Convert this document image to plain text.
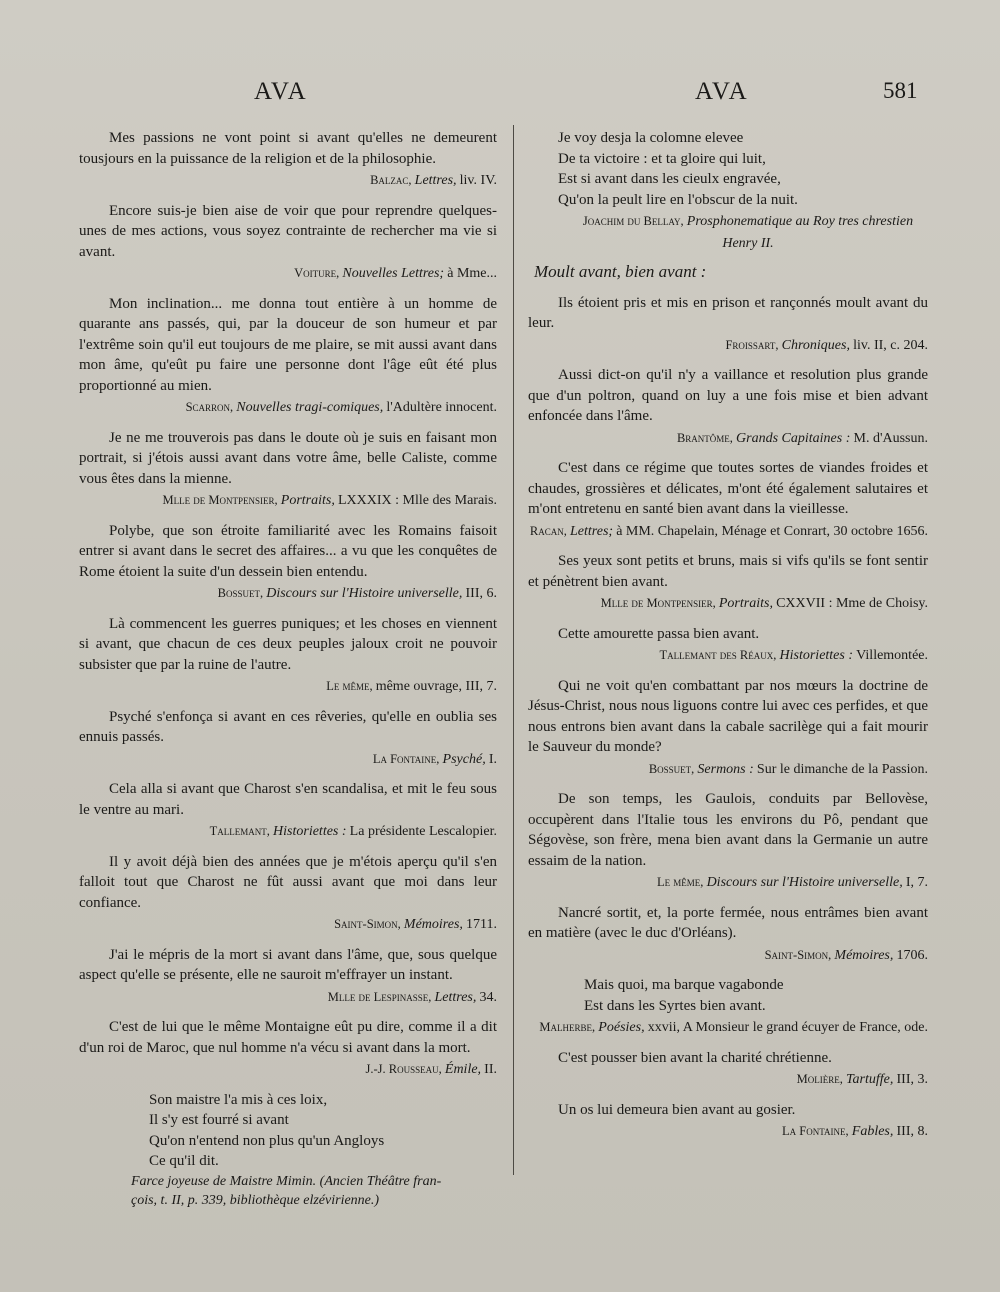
AVA	AVA	581
Mes passions ne vont point si avant qu'elles ne demeurent tousjours en la puissance de la religion et de la philosophie.
Balzac, Lettres, liv. IV.
Encore suis-je bien aise de voir que pour reprendre quelques-unes de mes actions, vous soyez contrainte de rechercher ma vie si avant.
Voiture, Nouvelles Lettres; à Mme...
Mon inclination... me donna tout entière à un homme de quarante ans passés, qui, par la douceur de son humeur et par l'extrême soin qu'il eut toujours de me plaire, se mit aussi avant dans mon âme, qu'eût pu faire une personne dont l'âge eût été plus proportionné au mien.
Scarron, Nouvelles tragi-comiques, l'Adultère innocent.
Je ne me trouverois pas dans le doute où je suis en faisant mon portrait, si j'étois aussi avant dans votre âme, belle Caliste, comme vous êtes dans la mienne.
Mlle de Montpensier, Portraits, LXXXIX : Mlle des Marais.
Polybe, que son étroite familiarité avec les Romains faisoit entrer si avant dans le secret des affaires... a vu que les conquêtes de Rome étoient la suite d'un dessein bien entendu.
Bossuet, Discours sur l'Histoire universelle, III, 6.
Là commencent les guerres puniques; et les choses en viennent si avant, que chacun de ces deux peuples jaloux croit ne pouvoir subsister que par la ruine de l'autre.
Le même, même ouvrage, III, 7.
Psyché s'enfonça si avant en ces rêveries, qu'elle en oublia ses ennuis passés.
La Fontaine, Psyché, I.
Cela alla si avant que Charost s'en scandalisa, et mit le feu sous le ventre au mari.
Tallemant, Historiettes : La présidente Lescalopier.
Il y avoit déjà bien des années que je m'étois aperçu qu'il s'en falloit tout que Charost ne fût aussi avant que moi dans leur confiance.
Saint-Simon, Mémoires, 1711.
J'ai le mépris de la mort si avant dans l'âme, que, sous quelque aspect qu'elle se présente, elle ne sauroit m'effrayer un instant.
Mlle de Lespinasse, Lettres, 34.
C'est de lui que le même Montaigne eût pu dire, comme il a dit d'un roi de Maroc, que nul homme n'a vécu si avant dans la mort.
J.-J. Rousseau, Émile, II.
Son maistre l'a mis à ces loix,
Il s'y est fourré si avant
Qu'on n'entend non plus qu'un Angloys
Ce qu'il dit.
Farce joyeuse de Maistre Mimin. (Ancien Théâtre fran-
çois, t. II, p. 339, bibliothèque elzévirienne.)
Je voy desja la colomne elevee
De ta victoire : et ta gloire qui luit,
Est si avant dans les cieulx engravée,
Qu'on la peult lire en l'obscur de la nuit.
Joachim du Bellay, Prosphonematique au Roy tres chrestien Henry II.
Moult avant, bien avant :
Ils étoient pris et mis en prison et rançonnés moult avant du leur.
Froissart, Chroniques, liv. II, c. 204.
Aussi dict-on qu'il n'y a vaillance et resolution plus grande que d'un poltron, quand on luy a une fois mise et bien advant enfoncée dans l'âme.
Brantôme, Grands Capitaines : M. d'Aussun.
C'est dans ce régime que toutes sortes de viandes froides et chaudes, grossières et délicates, m'ont été également salutaires et m'ont entretenu en santé bien avant dans la vieillesse.
Racan, Lettres; à MM. Chapelain, Ménage et Conrart, 30 octobre 1656.
Ses yeux sont petits et bruns, mais si vifs qu'ils se font sentir et pénètrent bien avant.
Mlle de Montpensier, Portraits, CXXVII : Mme de Choisy.
Cette amourette passa bien avant.
Tallemant des Réaux, Historiettes : Villemontée.
Qui ne voit qu'en combattant par nos mœurs la doctrine de Jésus-Christ, nous nous liguons contre lui avec ces perfides, et que nous entrons bien avant dans la cabale sacrilège qui a fait mourir le Sauveur du monde?
Bossuet, Sermons : Sur le dimanche de la Passion.
De son temps, les Gaulois, conduits par Bellovèse, occupèrent dans l'Italie tous les environs du Pô, pendant que Ségovèse, son frère, mena bien avant dans la Germanie un autre essaim de la nation.
Le même, Discours sur l'Histoire universelle, I, 7.
Nancré sortit, et, la porte fermée, nous entrâmes bien avant en matière (avec le duc d'Orléans).
Saint-Simon, Mémoires, 1706.
Mais quoi, ma barque vagabonde
Est dans les Syrtes bien avant.
Malherbe, Poésies, xxvii, A Monsieur le grand écuyer de France, ode.
C'est pousser bien avant la charité chrétienne.
Molière, Tartuffe, III, 3.
Un os lui demeura bien avant au gosier.
La Fontaine, Fables, III, 8.
